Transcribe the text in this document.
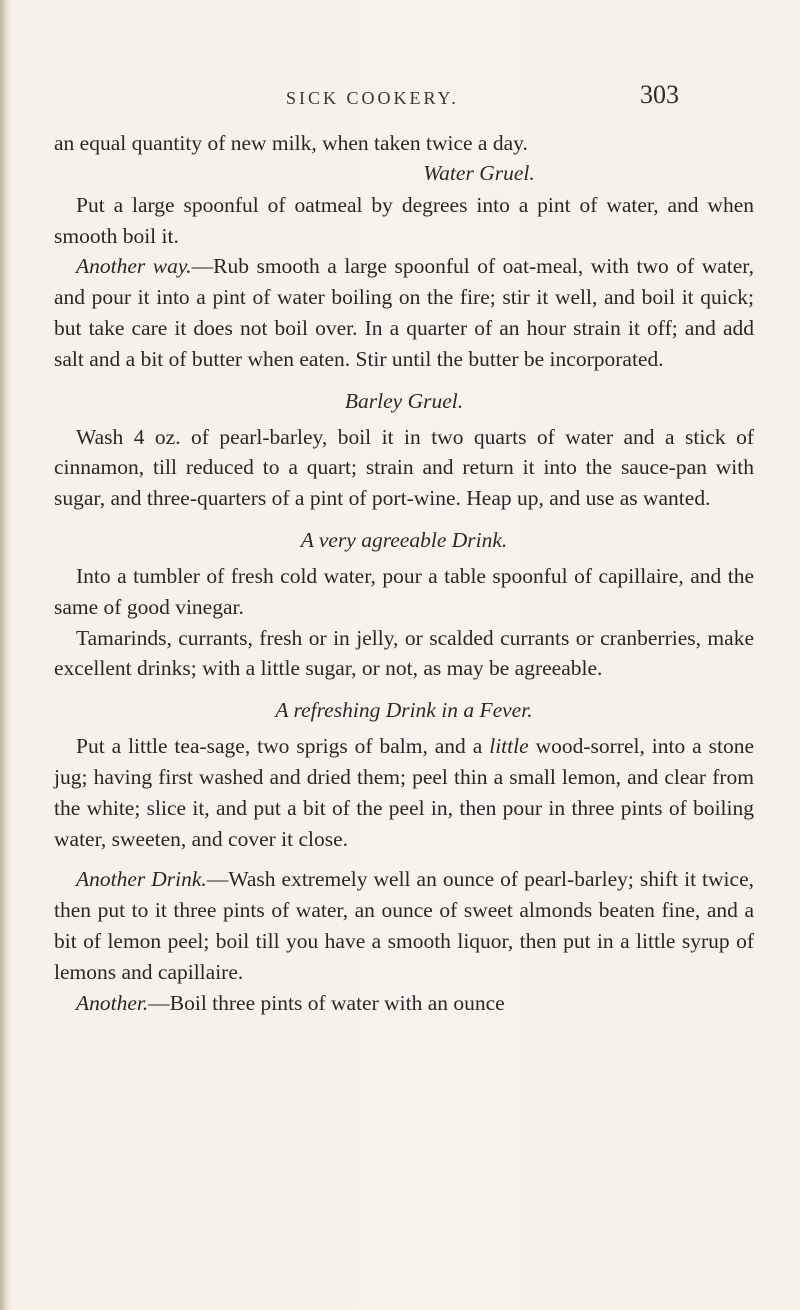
SICK COOKERY.	303

an equal quantity of new milk, when taken twice a day.

Water Gruel.

Put a large spoonful of oatmeal by degrees into a pint of water, and when smooth boil it.

Another way.—Rub smooth a large spoonful of oat-meal, with two of water, and pour it into a pint of water boiling on the fire; stir it well, and boil it quick; but take care it does not boil over. In a quarter of an hour strain it off; and add salt and a bit of butter when eaten. Stir until the butter be incorporated.

Barley Gruel.

Wash 4 oz. of pearl-barley, boil it in two quarts of water and a stick of cinnamon, till reduced to a quart; strain and return it into the sauce-pan with sugar, and three-quarters of a pint of port-wine. Heap up, and use as wanted.

A very agreeable Drink.

Into a tumbler of fresh cold water, pour a table spoonful of capillaire, and the same of good vinegar.

Tamarinds, currants, fresh or in jelly, or scalded currants or cranberries, make excellent drinks; with a little sugar, or not, as may be agreeable.

A refreshing Drink in a Fever.

Put a little tea-sage, two sprigs of balm, and a little wood-sorrel, into a stone jug; having first washed and dried them; peel thin a small lemon, and clear from the white; slice it, and put a bit of the peel in, then pour in three pints of boiling water, sweeten, and cover it close.

Another Drink.—Wash extremely well an ounce of pearl-barley; shift it twice, then put to it three pints of water, an ounce of sweet almonds beaten fine, and a bit of lemon peel; boil till you have a smooth liquor, then put in a little syrup of lemons and capillaire.

Another.—Boil three pints of water with an ounce
